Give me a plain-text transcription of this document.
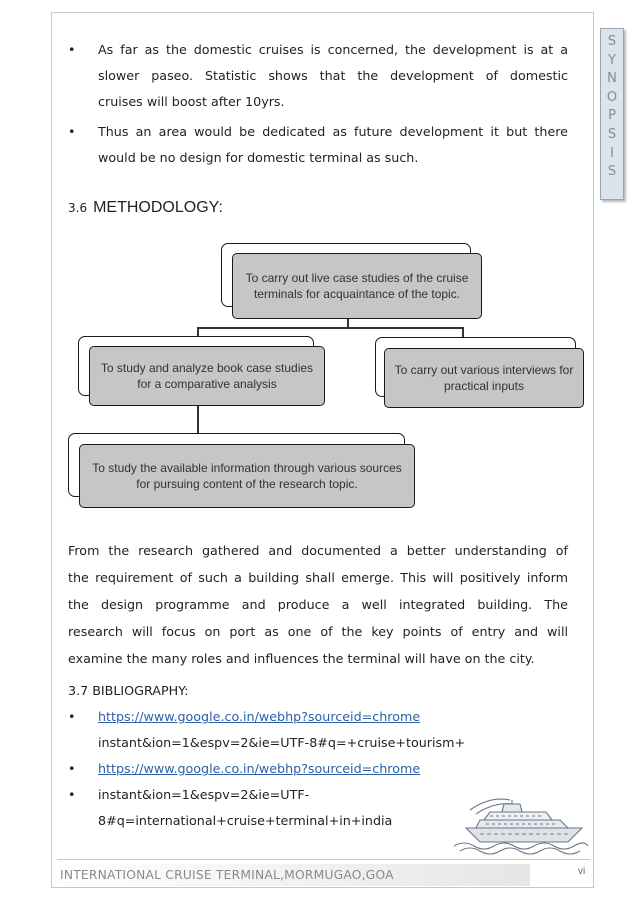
S
Y
N
O
P
S
I
S
• As far as the domestic cruises is concerned, the development is at a
slower paseo. Statistic shows that the development of domestic
cruises will boost after 10yrs.
• Thus an area would be dedicated as future development it but there
would be no design for domestic terminal as such.
3.6 METHODOLOGY:
To carry out live case studies of the cruise terminals for acquaintance of the topic.
To study and analyze book case studies for a comparative analysis
To carry out various interviews for practical inputs
To study the available information through various sources for pursuing content of the research topic.
From the research gathered and documented a better understanding of
the requirement of such a building shall emerge. This will positively inform
the design programme and produce a well integrated building. The
research will focus on port as one of the key points of entry and will
examine the many roles and influences the terminal will have on the city.
3.7 BIBLIOGRAPHY:
• https://www.google.co.in/webhp?sourceid=chrome
instant&ion=1&espv=2&ie=UTF-8#q=+cruise+tourism+
• https://www.google.co.in/webhp?sourceid=chrome
• instant&ion=1&espv=2&ie=UTF-
8#q=international+cruise+terminal+in+india
INTERNATIONAL CRUISE TERMINAL,MORMUGAO,GOA	vi
